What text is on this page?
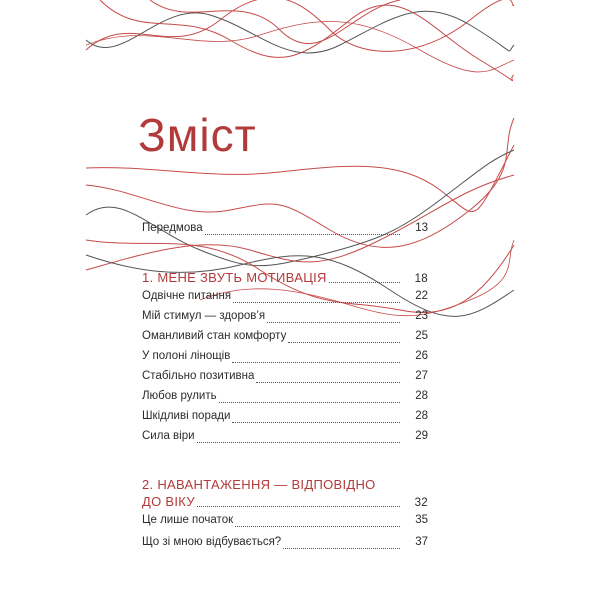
Зміст
Передмова	13
1. МЕНЕ ЗВУТЬ МОТИВАЦІЯ	18
Одвічне питання	22
Мій стимул — здоров’я	23
Оманливий стан комфорту	25
У полоні лінощів	26
Стабільно позитивна	27
Любов рулить	28
Шкідливі поради	28
Сила віри	29
2. НАВАНТАЖЕННЯ — ВІДПОВІДНО
ДО ВІКУ	32
Це лише початок	35
Що зі мною відбувається?	37
